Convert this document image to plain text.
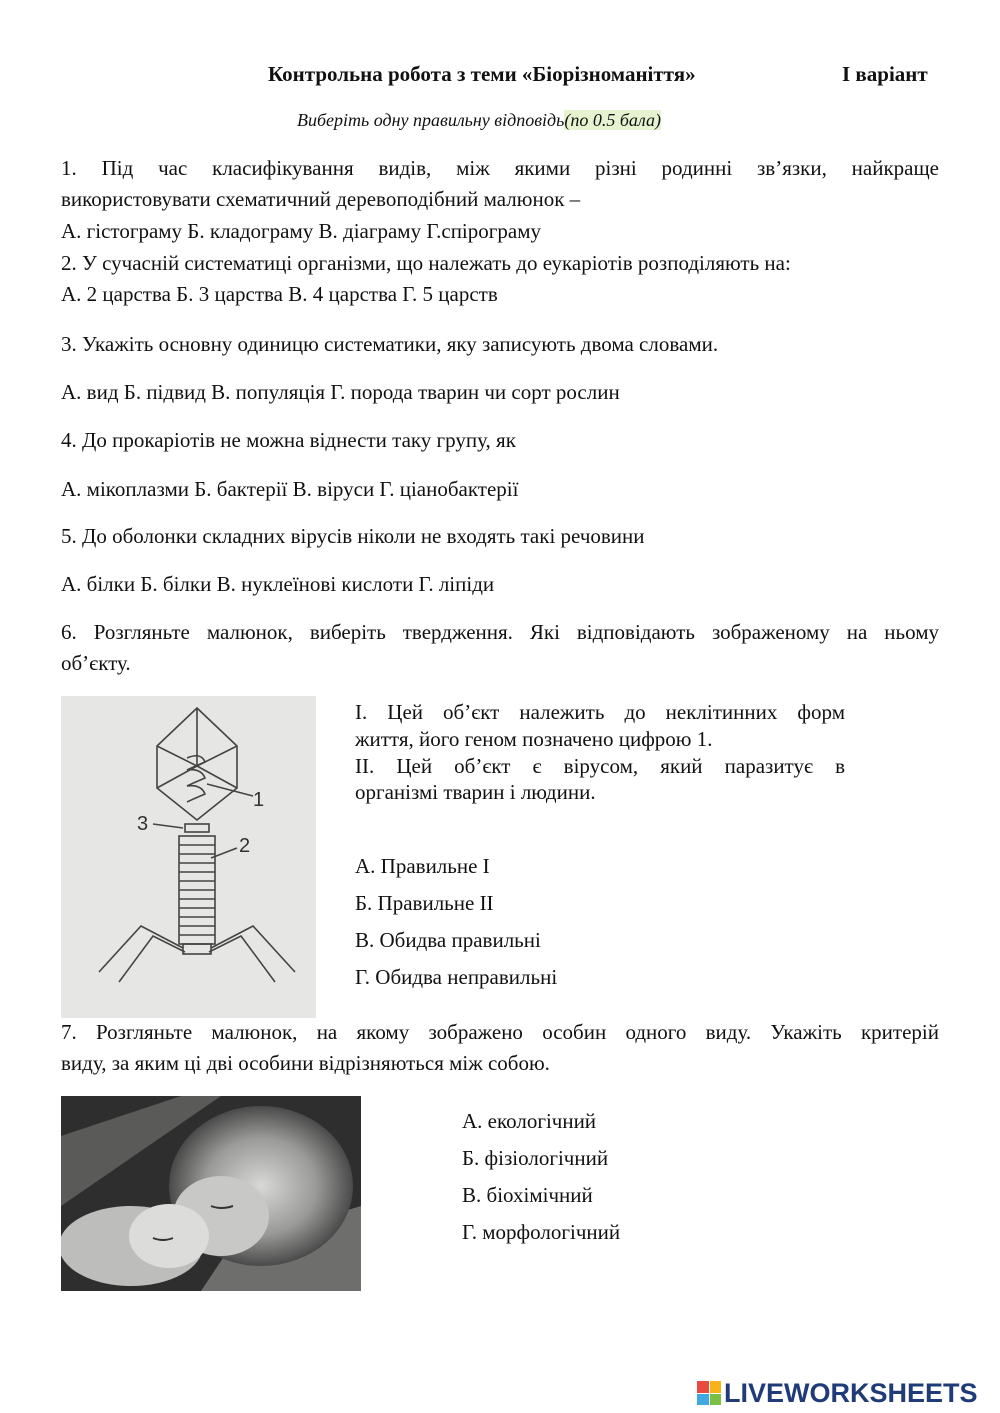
Контрольна робота з теми «Біорізноманіття»	І варіант
Виберіть одну правильну відповідь(по 0.5 бала)
1. Під час класифікування видів, між якими різні родинні зв’язки, найкраще
використовувати схематичний деревоподібний малюнок –
А. гістограму Б. кладограму В. діаграму Г.спірограму
2. У сучасній систематиці організми, що належать до еукаріотів розподіляють на:
А. 2 царства Б. 3 царства В. 4 царства Г. 5 царств
3. Укажіть основну одиницю систематики, яку записують двома словами.
А. вид Б. підвид В. популяція Г. порода тварин чи сорт рослин
4. До прокаріотів не можна віднести таку групу, як
А. мікоплазми Б. бактерії В. віруси Г. ціанобактерії
5. До оболонки складних вірусів ніколи не входять такі речовини
А. білки Б. білки В. нуклеїнові кислоти Г. ліпіди
6. Розгляньте малюнок, виберіть твердження. Які відповідають зображеному на ньому
об’єкту.
1
2
3
І. Цей об’єкт належить до неклітинних форм
життя, його геном позначено цифрою 1.
ІІ. Цей об’єкт є вірусом, який паразитує в
організмі тварин і людини.
А. Правильне І
Б. Правильне ІІ
В. Обидва правильні
Г. Обидва неправильні
7. Розгляньте малюнок, на якому зображено особин одного виду. Укажіть критерій
виду, за яким ці дві особини відрізняються між собою.
А. екологічний
Б. фізіологічний
В. біохімічний
Г. морфологічний
LIVEWORKSHEETS
